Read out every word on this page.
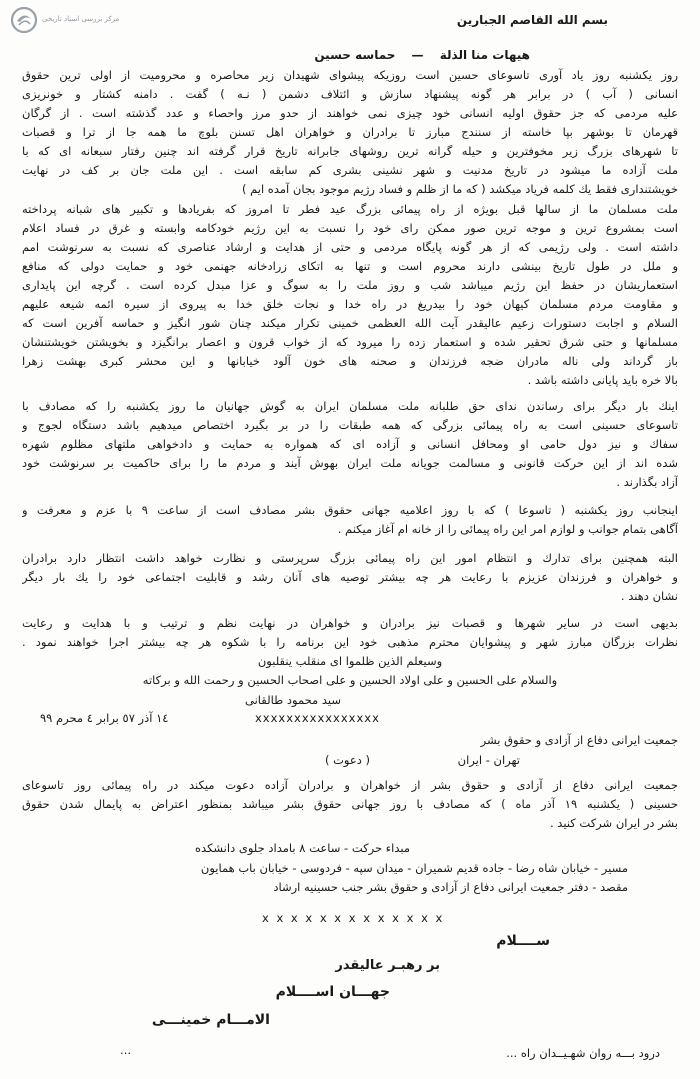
مرکز بررسی اسناد تاریخی	بسم الله القاصم الجبارين
هيهات منا الذلة — حماسه حسين
روز يكشنبه روز ياد آورى تاسوعاى حسين است روزيكه پيشواى شهيدان زير محاصره و محروميت از اولى ترين حقوق
انسانى ( آب ) در برابر هر گونه پيشنهاد سازش و ائتلاف دشمن ( نـه ) گفت . دامنه كشتار و خونريزى
عليه مردمى كه جز حقوق اوليه انسانى خود چيزى نمى خواهند از حدو مرز واحصاء و عدد گذشته است . از گرگان
قهرمان تا بوشهر بپا خاسته از سنندج مبارز تا برادران و خواهران اهل تسنن بلوچ ما همه جا از ترا و قصبات
تا شهرهاى بزرگ زير مخوفترين و حيله گرانه ترين روشهاى جابرانه تاريخ قرار گرفته اند چنين رفتار سبعانه اى كه با
ملت آزاده ما ميشود در تاريخ مدنيت و شهر نشينى بشرى كم سابقه است . اين ملت جان بر كف در نهايت
خويشتندارى فقط يك كلمه فرياد ميكشد ( كه ما از ظلم و فساد رژيم موجود بجان آمده ايم )
ملت مسلمان ما از سالها قبل بويژه از راه پيمائى بزرگ عيد فطر تا امروز كه بفريادها و تكبير هاى شبانه پرداخته
است بمشروع ترين و موجه ترين صور ممكن راى خود را نسبت به اين رژيم خودكامه وابسته و غرق در فساد اعلام
داشته است . ولى رژيمى كه از هر گونه پايگاه مردمى و حتى از هدايت و ارشاد عناصرى كه نسبت به سرنوشت امم
و ملل در طول تاريخ بينشى دارند محروم است و تنها به اتكاى زرادخانه جهنمى خود و حمايت دولى كه منافع
استعماريشان در حفظ اين رژيم ميباشد شب و روز ملت را به سوگ و عزا مبدل كرده است . گرچه اين پايدارى
و مقاومت مردم مسلمان كيهان خود را بيدريغ در راه خدا و نجات خلق خدا به پيروى از سيره ائمه شيعه عليهم
السلام و اجابت دستورات زعيم عاليقدر آيت الله العظمى خمينى تكرار ميكند چنان شور انگيز و حماسه آفرين است كه
مسلمانها و حتى شرق تحقير شده و استعمار زده را ميرود كه از خواب قرون و اعصار برانگيزد و بخويشتن خويشتنشان
باز گرداند ولى ناله مادران ضجه فرزندان و صحنه هاى خون آلود خيابانها و اين محشر كبرى بهشت زهرا
بالا خره بايد پايانى داشته باشد .
اينك بار ديگر براى رساندن نداى حق طلبانه ملت مسلمان ايران به گوش جهانيان ما روز يكشنبه را كه مصادف با
تاسوعاى حسينى است به راه پيمائى بزرگى كه همه طبقات را در بر بگيرد اختصاص ميدهيم باشد دستگاه لجوج و
سفاك و نيز دول حامى او ومحافل انسانى و آزاده اى كه همواره به حمايت و دادخواهى ملتهاى مظلوم شهره
شده اند از اين حركت قانونى و مسالمت جويانه ملت ايران بهوش آيند و مردم ما را براى حاكميت بر سرنوشت خود
آزاد بگذارند .
اينجانب روز يكشنبه ( تاسوعا ) كه با روز اعلاميه جهانى حقوق بشر مصادف است از ساعت ۹ با عزم و معرفت و
آگاهى بتمام جوانب و لوازم امر اين راه پيمائى را از خانه ام آغاز ميكنم .
البته همچنين براى تدارك و انتظام امور اين راه پيمائى بزرگ سرپرستى و نظارت خواهد داشت انتظار دارد برادران
و خواهران و فرزندان عزيزم با رعايت هر چه بيشتر توصيه هاى آنان رشد و قابليت اجتماعى خود را يك بار ديگر
نشان دهند .
بديهى است در ساير شهرها و قصبات نيز برادران و خواهران در نهايت نظم و ترتيب و با هدايت و رعايت
نظرات بزرگان مبارز شهر و پيشوايان محترم مذهبى خود اين برنامه را با شكوه هر چه بيشتر اجرا خواهند نمود .
وسيعلم الذين ظلموا اى منقلب ينقلبون
والسلام على الحسين و على اولاد الحسين و على اصحاب الحسين و رحمت الله و بركاته
سيد محمود طالقانى
١٤ آذر ٥٧ برابر ٤ محرم ٩٩	xxxxxxxxxxxxxxxx
جمعيت ايرانى دفاع از آزادى و حقوق بشر
تهران - ايران
( دعوت )
جمعيت ايرانى دفاع از آزادى و حقوق بشر از خواهران و برادران آزاده دعوت ميكند در راه پيمائى روز تاسوعاى
حسينى ( يكشنبه ۱۹ آذر ماه ) كه مصادف با روز جهانى حقوق بشر ميباشد بمنظور اعتراض به پايمال شدن حقوق
بشر در ايران شركت كنيد .
مبداء حركت - ساعت ۸ بامداد جلوى دانشكده
مسير - خيابان شاه رضا - جاده قديم شميران - ميدان سپه - فردوسى - خيابان باب همايون
مقصد - دفتر جمعيت ايرانى دفاع از آزادى و حقوق بشر جنب حسينيه ارشاد
x x x x x x x x x x x x x
ســــلام
بر رهبـر عاليقدر
جهـــان اســــلام
الامـــام خمينـــى
درود بـــه روان شهـيــدان راه ...
...
